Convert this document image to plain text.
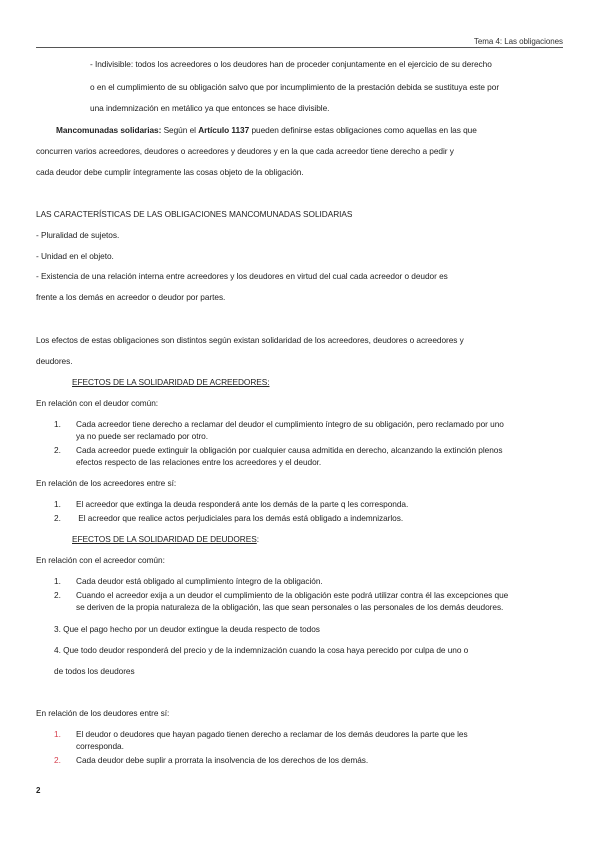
Tema 4: Las obligaciones
- Indivisible: todos los acreedores o los deudores han de proceder conjuntamente en el ejercicio de su derecho
o en el cumplimiento de su obligación salvo que por incumplimiento de la prestación debida se sustituya este por
una indemnización en metálico ya que entonces se hace divisible.
Mancomunadas solidarias: Según el Artículo 1137 pueden definirse estas obligaciones como aquellas en las que
concurren varios acreedores, deudores o acreedores y deudores y en la que cada acreedor tiene derecho a pedir y
cada deudor debe cumplir íntegramente las cosas objeto de la obligación.
LAS CARACTERÍSTICAS DE LAS OBLIGACIONES MANCOMUNADAS SOLIDARIAS
- Pluralidad de sujetos.
- Unidad en el objeto.
- Existencia de una relación interna entre acreedores y los deudores en virtud del cual cada acreedor o deudor es
frente a los demás en acreedor o deudor por partes.
Los efectos de estas obligaciones son distintos según existan solidaridad de los acreedores, deudores o acreedores y
deudores.
EFECTOS DE LA SOLIDARIDAD DE ACREEDORES:
En relación con el deudor común:
1. Cada acreedor tiene derecho a reclamar del deudor el cumplimiento íntegro de su obligación, pero reclamado por uno
ya no puede ser reclamado por otro.
2. Cada acreedor puede extinguir la obligación por cualquier causa admitida en derecho, alcanzando la extinción plenos
efectos respecto de las relaciones entre los acreedores y el deudor.
En relación de los acreedores entre sí:
1. El acreedor que extinga la deuda responderá ante los demás de la parte q les corresponda.
2. El acreedor que realice actos perjudiciales para los demás está obligado a indemnizarlos.
EFECTOS DE LA SOLIDARIDAD DE DEUDORES:
En relación con el acreedor común:
1. Cada deudor está obligado al cumplimiento íntegro de la obligación.
2. Cuando el acreedor exija a un deudor el cumplimiento de la obligación este podrá utilizar contra él las excepciones que
se deriven de la propia naturaleza de la obligación, las que sean personales o las personales de los demás deudores.
3. Que el pago hecho por un deudor extingue la deuda respecto de todos
4. Que todo deudor responderá del precio y de la indemnización cuando la cosa haya perecido por culpa de uno o
de todos los deudores
En relación de los deudores entre sí:
1. El deudor o deudores que hayan pagado tienen derecho a reclamar de los demás deudores la parte que les
corresponda.
2. Cada deudor debe suplir a prorrata la insolvencia de los derechos de los demás.
2
